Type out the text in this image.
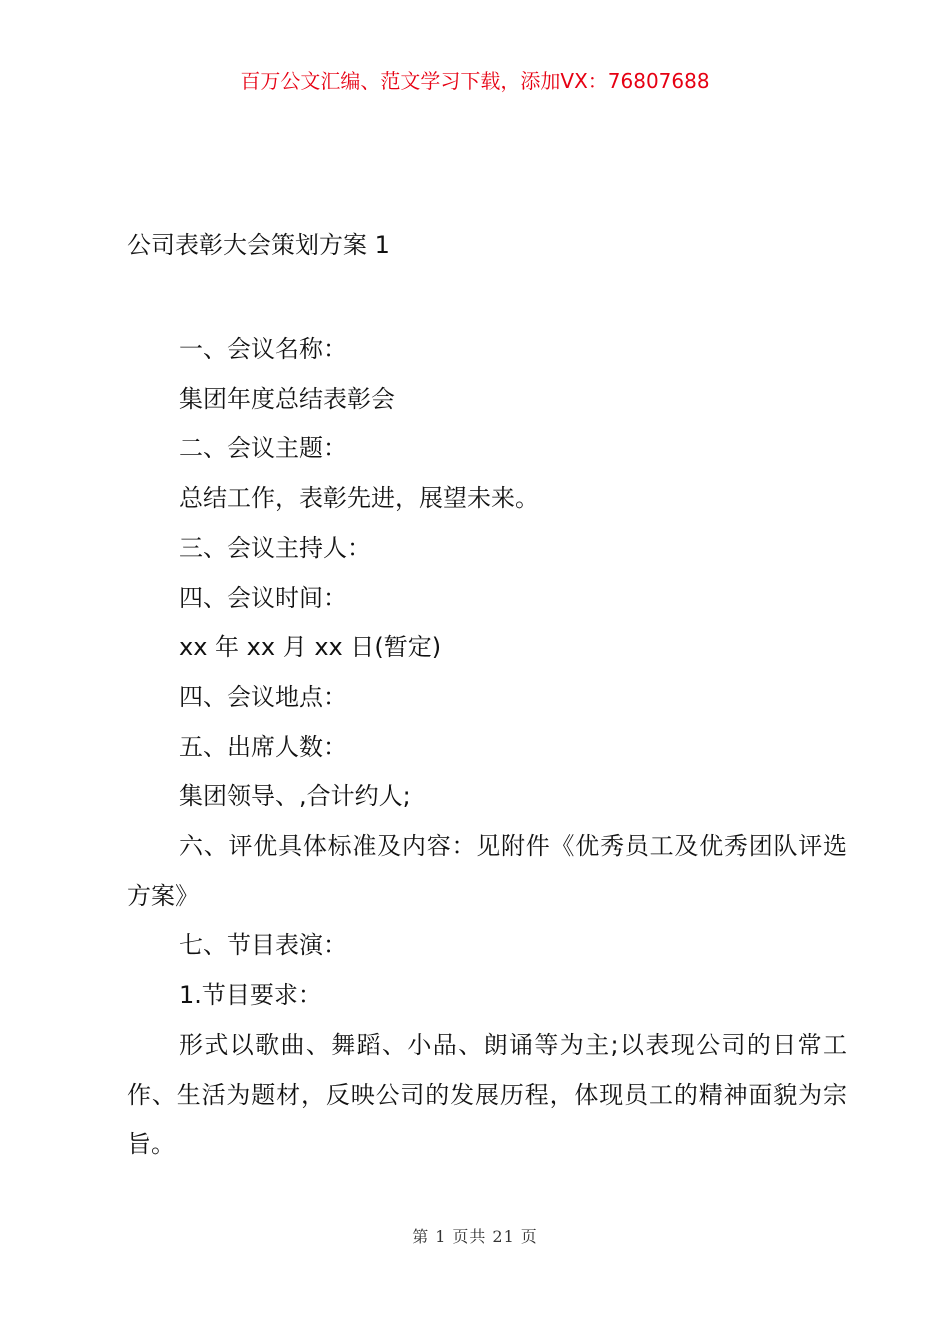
百万公文汇编、范文学习下载，添加VX：76807688
公司表彰大会策划方案 1
一、会议名称：
集团年度总结表彰会
二、会议主题：
总结工作，表彰先进，展望未来。
三、会议主持人：
四、会议时间：
xx 年 xx 月 xx 日(暂定)
四、会议地点：
五、出席人数：
集团领导、,合计约人;
六、评优具体标准及内容：见附件《优秀员工及优秀团队评选方案》
七、节目表演：
1.节目要求：
形式以歌曲、舞蹈、小品、朗诵等为主;以表现公司的日常工作、生活为题材，反映公司的发展历程，体现员工的精神面貌为宗旨。
第 1 页共 21 页
